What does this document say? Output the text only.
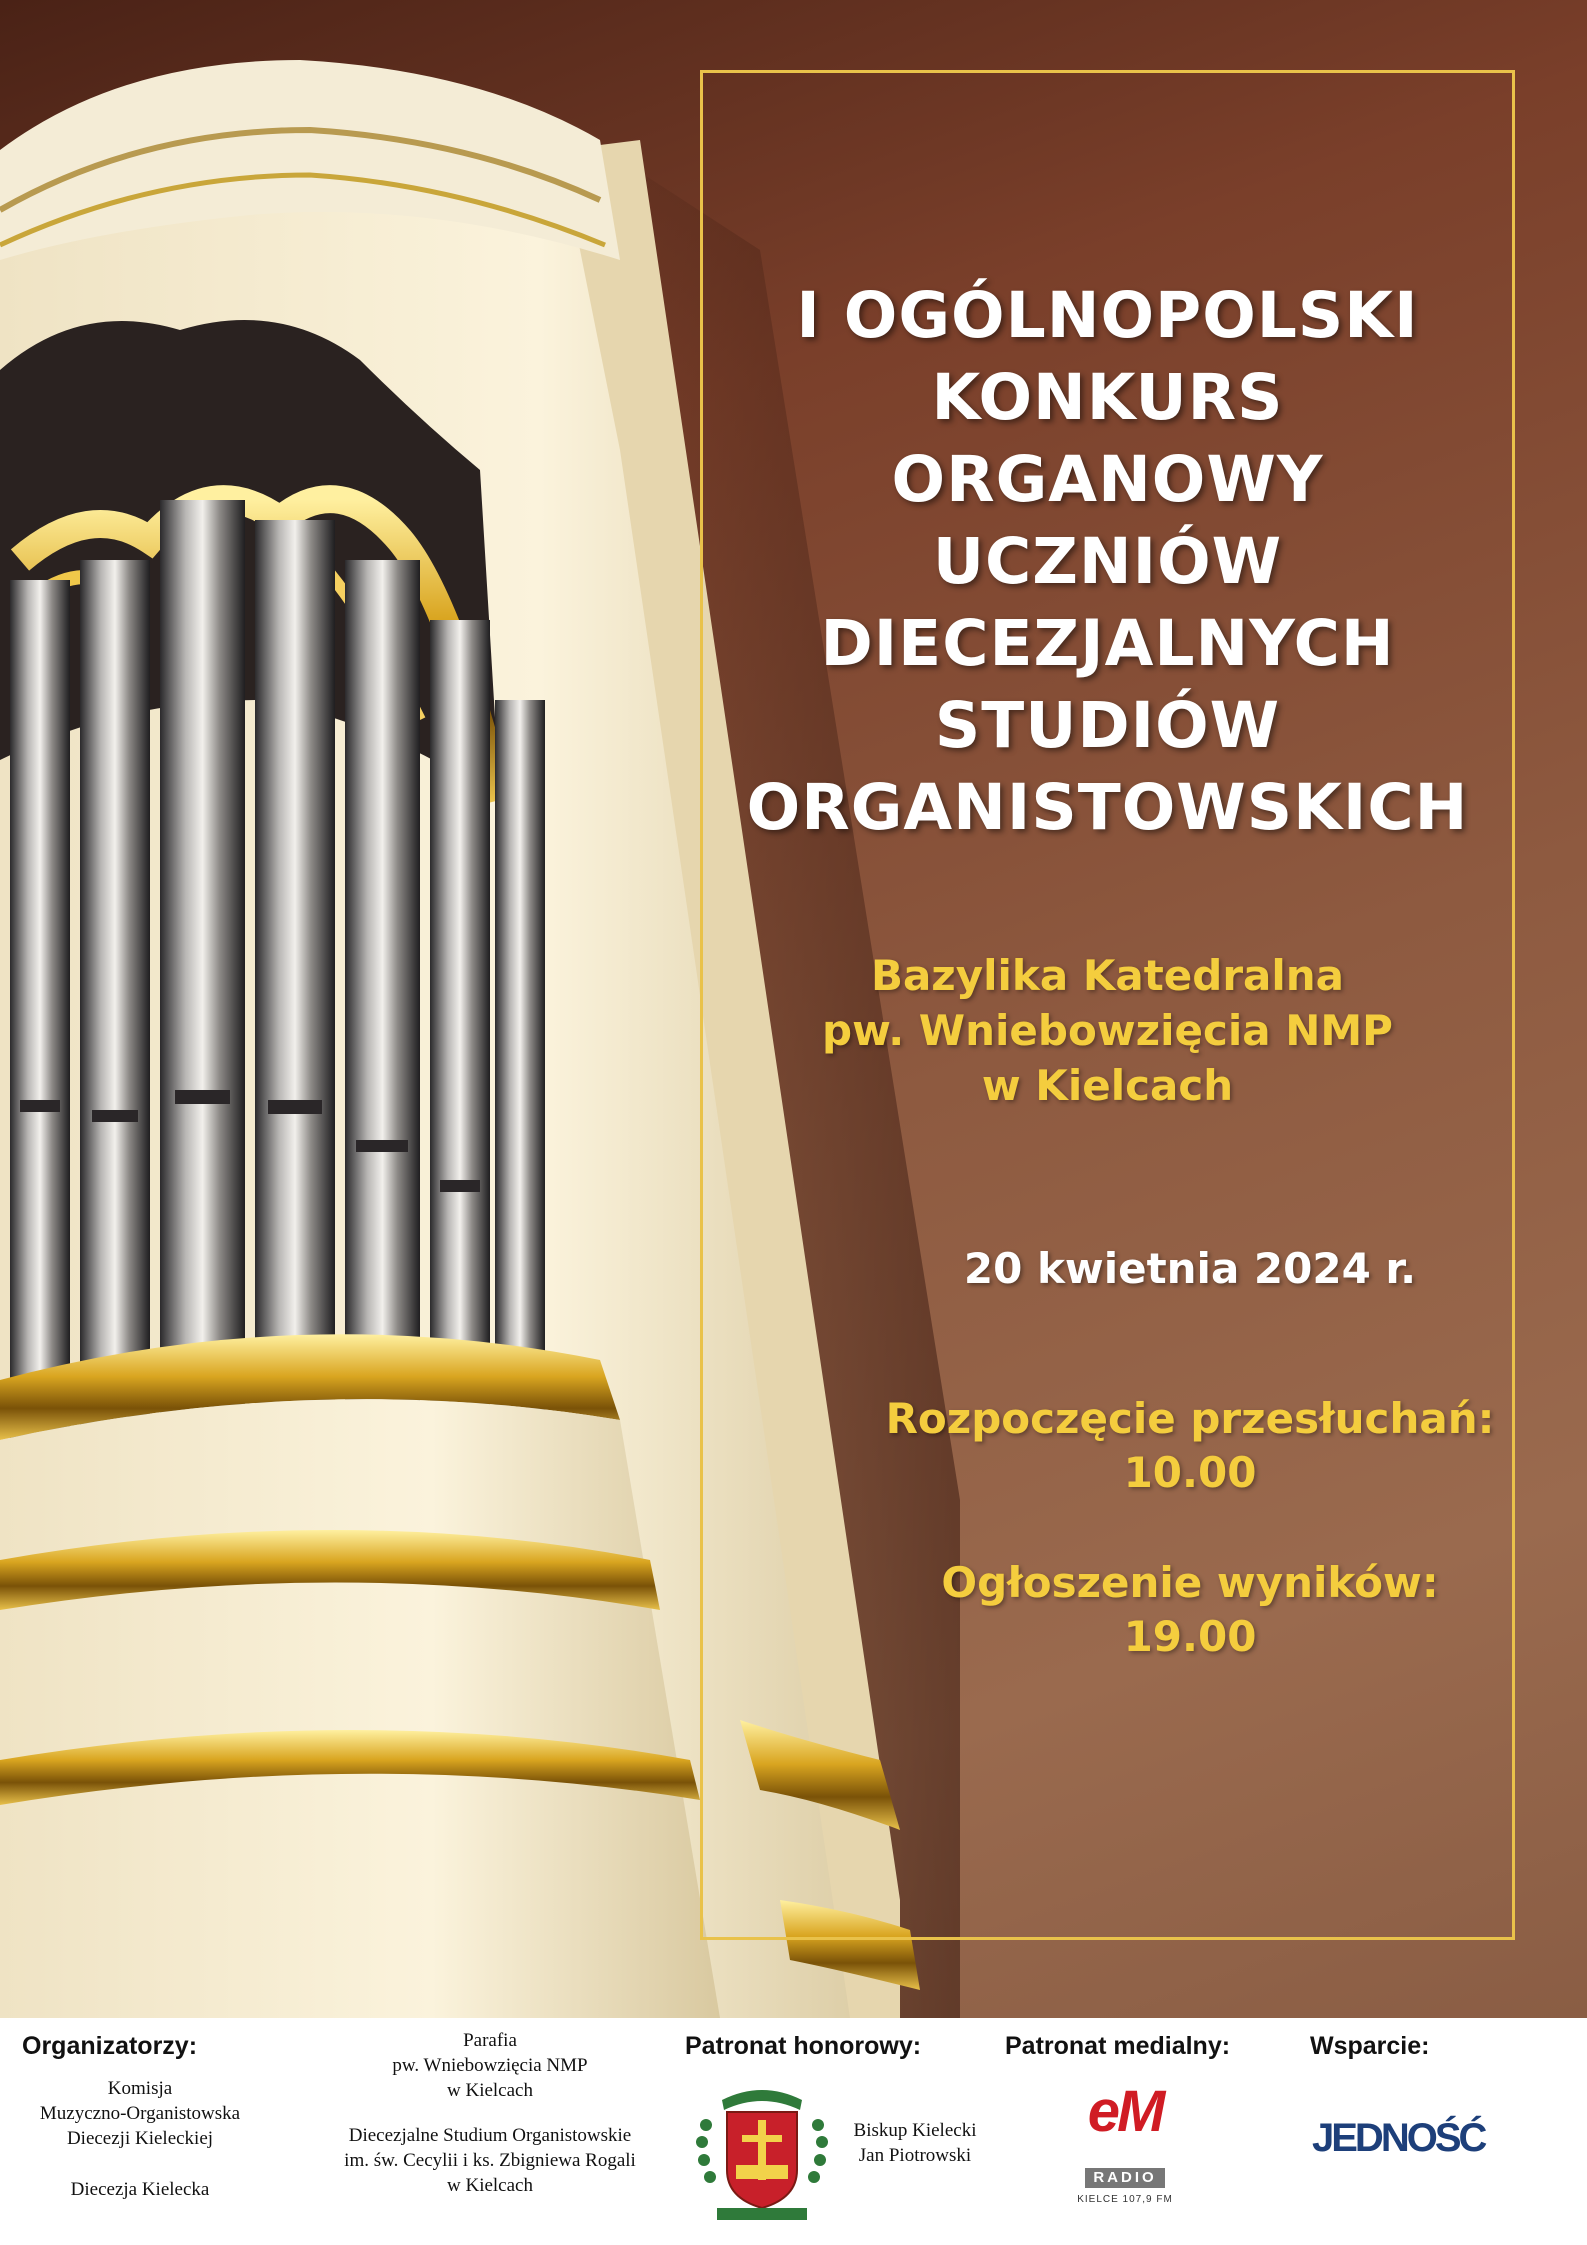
I OGÓLNOPOLSKI
KONKURS
ORGANOWY
UCZNIÓW
DIECEZJALNYCH
STUDIÓW
ORGANISTOWSKICH
Bazylika Katedralna
pw. Wniebowzięcia NMP
w Kielcach
20 kwietnia 2024 r.
Rozpoczęcie przesłuchań:
10.00
Ogłoszenie wyników:
19.00
Organizatorzy:
Komisja
Muzyczno-Organistowska
Diecezji Kieleckiej
Diecezja Kielecka
Parafia
pw. Wniebowzięcia NMP
w Kielcach
Diecezjalne Studium Organistowskie
im. św. Cecylii i ks. Zbigniewa Rogali
w Kielcach
Patronat honorowy:
Biskup Kielecki
Jan Piotrowski
Patronat medialny:
eM
RADIO
KIELCE 107,9 FM
Wsparcie:
JEDNOŚĆ
